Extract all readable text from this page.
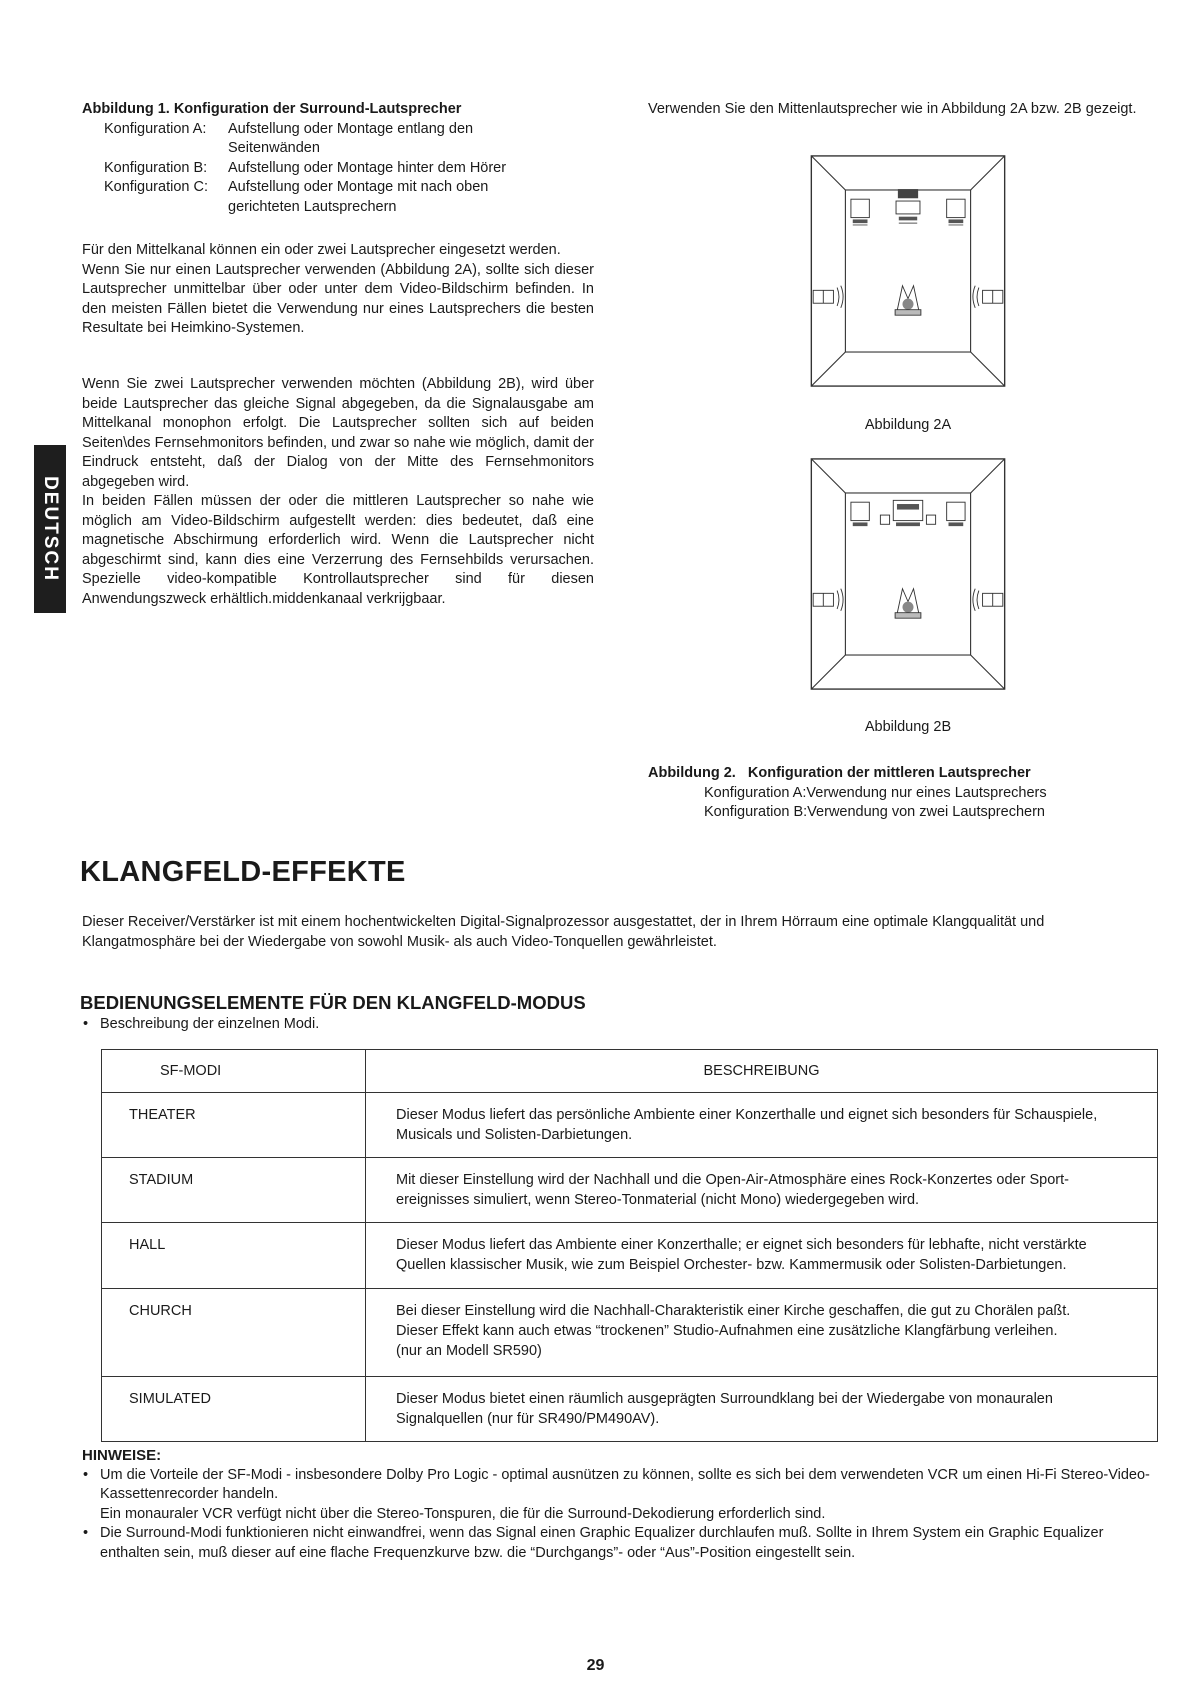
DEUTSCH
Abbildung 1. Konfiguration der Surround-Lautsprecher
Konfiguration A:	Aufstellung oder Montage entlang den Seitenwänden
Konfiguration B:	Aufstellung oder Montage hinter dem Hörer
Konfiguration C:	Aufstellung oder Montage mit nach oben gerichteten Lautsprechern
Für den Mittelkanal können ein oder zwei Lautsprecher eingesetzt werden.
Wenn Sie nur einen Lautsprecher verwenden (Abbildung 2A), sollte sich dieser Lautsprecher unmittelbar über oder unter dem Video-Bildschirm befinden. In den meisten Fällen bietet die Verwendung nur eines Lautsprechers die besten Resultate bei Heimkino-Systemen.
Wenn Sie zwei Lautsprecher verwenden möchten (Abbildung 2B), wird über beide Lautsprecher das gleiche Signal abgegeben, da die Signalausgabe am Mittelkanal monophon erfolgt. Die Lautsprecher sollten sich auf beiden Seiten\des Fernsehmonitors befinden, und zwar so nahe wie möglich, damit der Eindruck entsteht, daß der Dialog von der Mitte des Fernsehmonitors abgegeben wird.
In beiden Fällen müssen der oder die mittleren Lautsprecher so nahe wie möglich am Video-Bildschirm aufgestellt werden: dies bedeutet, daß eine magnetische Abschirmung erforderlich wird. Wenn die Lautsprecher nicht abgeschirmt sind, kann dies eine Verzerrung des Fernsehbilds verursachen. Spezielle video-kompatible Kontrollautsprecher sind für diesen Anwendungszweck erhältlich.middenkanaal verkrijgbaar.
Verwenden Sie den Mittenlautsprecher wie in Abbildung 2A bzw. 2B gezeigt.
Abbildung 2A
Abbildung 2B
Abbildung 2. Konfiguration der mittleren Lautsprecher
Konfiguration A:Verwendung nur eines Lautsprechers
Konfiguration B:Verwendung von zwei Lautsprechern
KLANGFELD-EFFEKTE
Dieser Receiver/Verstärker ist mit einem hochentwickelten Digital-Signalprozessor ausgestattet, der in Ihrem Hörraum eine optimale Klangqualität und Klangatmosphäre bei der Wiedergabe von sowohl Musik- als auch Video-Tonquellen gewährleistet.
BEDIENUNGSELEMENTE FÜR DEN KLANGFELD-MODUS
• Beschreibung der einzelnen Modi.
SF-MODI	BESCHREIBUNG
THEATER	Dieser Modus liefert das persönliche Ambiente einer Konzerthalle und eignet sich besonders für Schauspiele, Musicals und Solisten-Darbietungen.
STADIUM	Mit dieser Einstellung wird der Nachhall und die Open-Air-Atmosphäre eines Rock-Konzertes oder Sport-ereignisses simuliert, wenn Stereo-Tonmaterial (nicht Mono) wiedergegeben wird.
HALL	Dieser Modus liefert das Ambiente einer Konzerthalle; er eignet sich besonders für lebhafte, nicht verstärkte Quellen klassischer Musik, wie zum Beispiel Orchester- bzw. Kammermusik oder Solisten-Darbietungen.
CHURCH	Bei dieser Einstellung wird die Nachhall-Charakteristik einer Kirche geschaffen, die gut zu Chorälen paßt.
Dieser Effekt kann auch etwas “trockenen” Studio-Aufnahmen eine zusätzliche Klangfärbung verleihen.
(nur an Modell SR590)

SIMULATED	Dieser Modus bietet einen räumlich ausgeprägten Surroundklang bei der Wiedergabe von monauralen Signalquellen (nur für SR490/PM490AV).
HINWEISE:
• Um die Vorteile der SF-Modi - insbesondere Dolby Pro Logic - optimal ausnützen zu können, sollte es sich bei dem verwendeten VCR um einen Hi-Fi Stereo-Video-Kassettenrecorder handeln.
Ein monauraler VCR verfügt nicht über die Stereo-Tonspuren, die für die Surround-Dekodierung erforderlich sind.
• Die Surround-Modi funktionieren nicht einwandfrei, wenn das Signal einen Graphic Equalizer durchlaufen muß. Sollte in Ihrem System ein Graphic Equalizer enthalten sein, muß dieser auf eine flache Frequenzkurve bzw. die “Durchgangs”- oder “Aus”-Position eingestellt sein.
29
